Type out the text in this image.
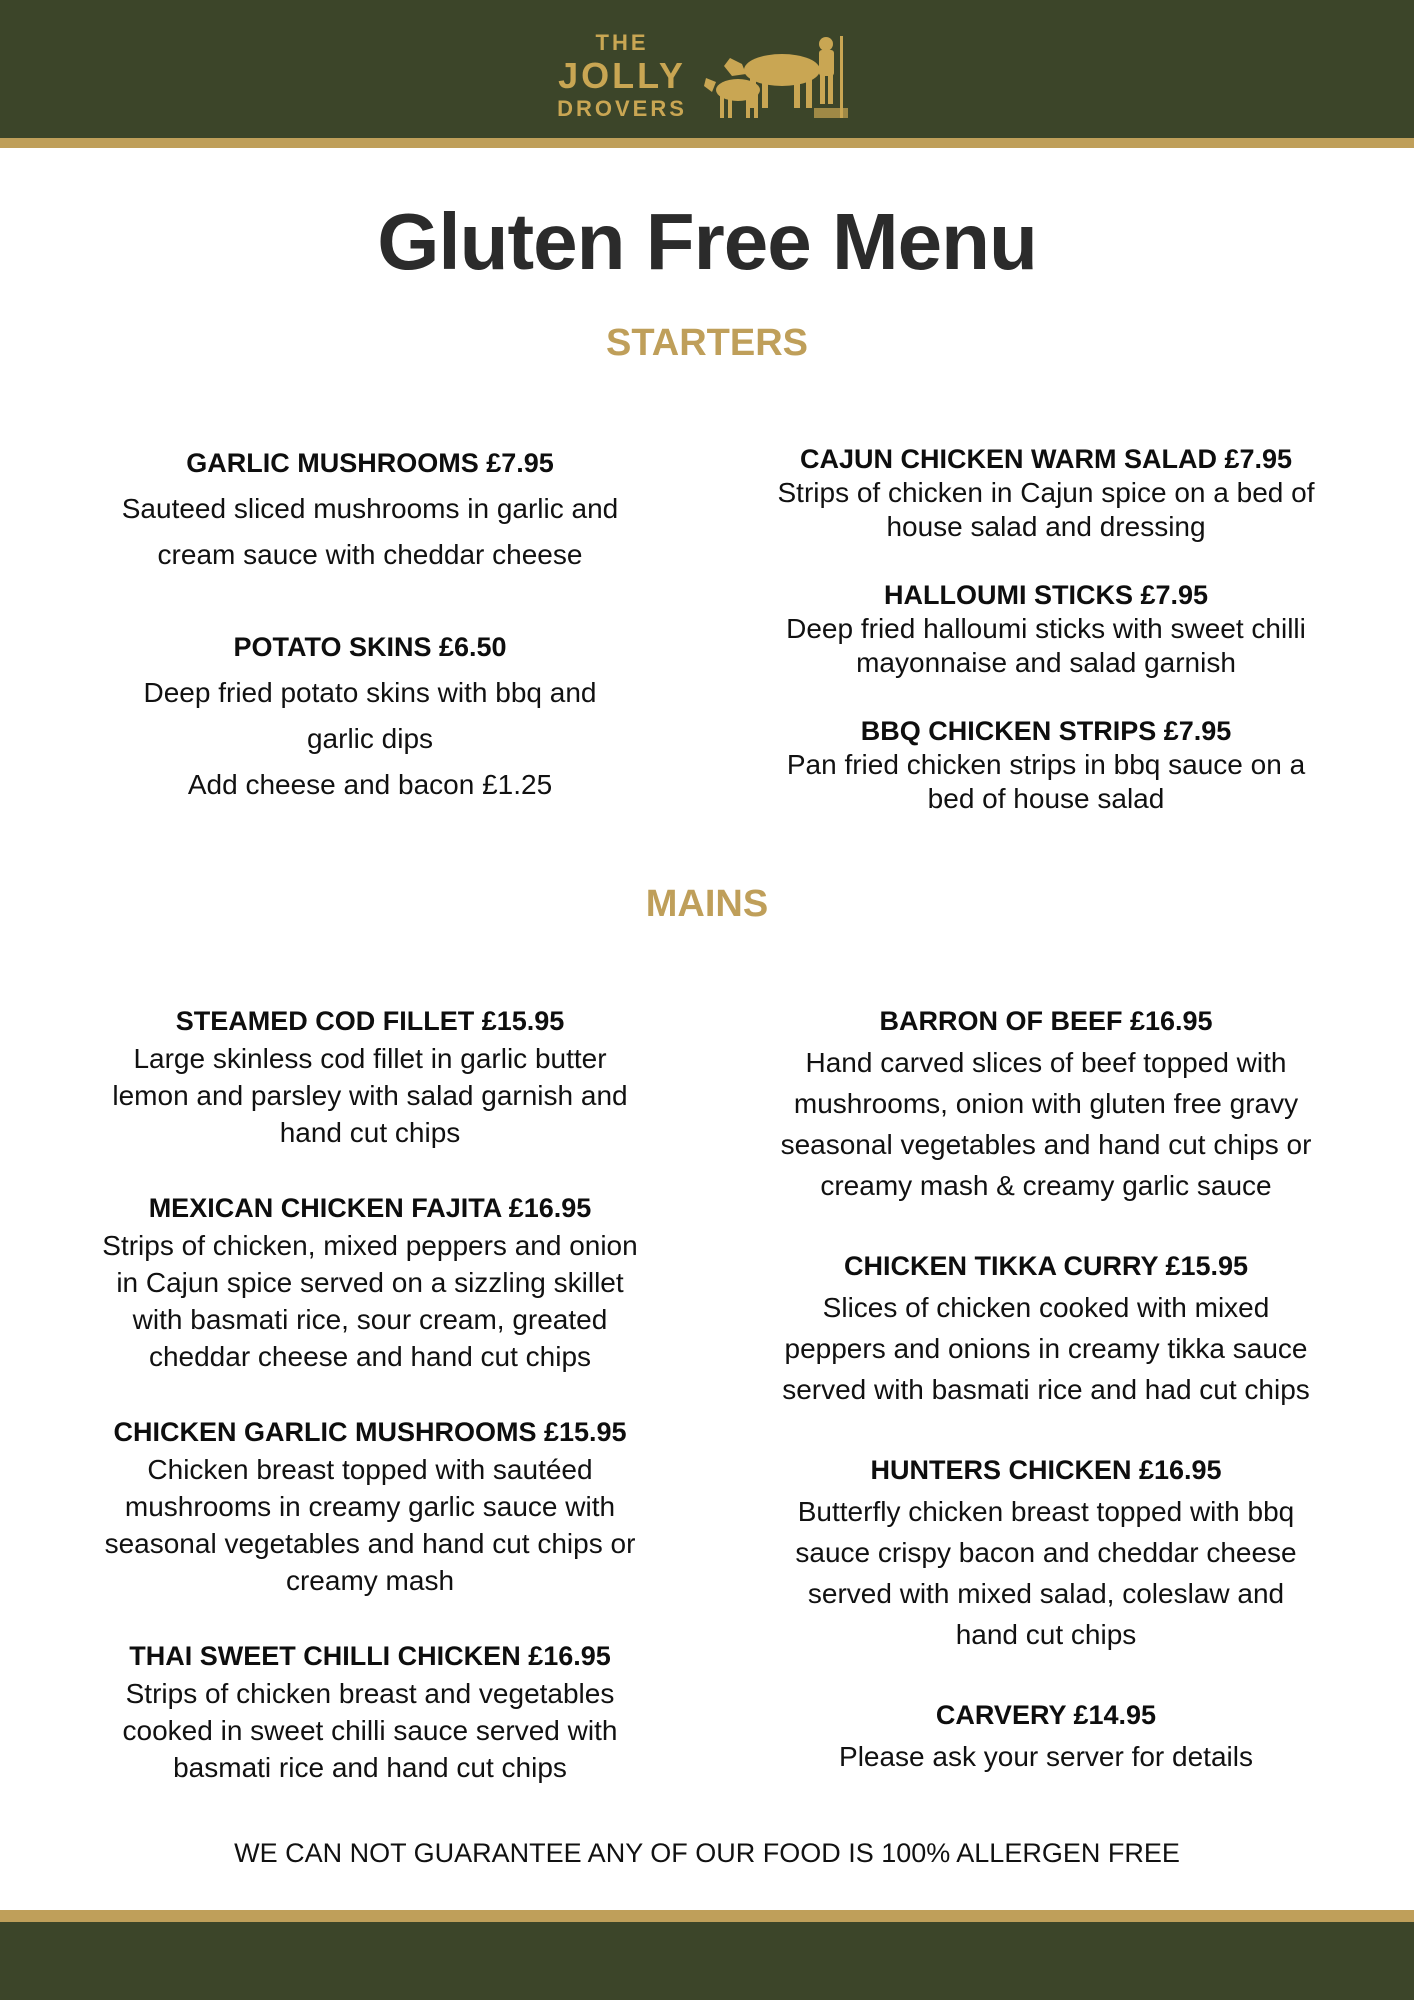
THE
JOLLY
DROVERS
Gluten Free Menu
STARTERS
GARLIC MUSHROOMS £7.95
Sauteed sliced mushrooms in garlic and
cream sauce with cheddar cheese
POTATO SKINS £6.50
Deep fried potato skins with bbq and
garlic dips
Add cheese and bacon £1.25
CAJUN CHICKEN WARM SALAD £7.95
Strips of chicken in Cajun spice on a bed of
house salad and dressing
HALLOUMI STICKS £7.95
Deep fried halloumi sticks with sweet chilli
mayonnaise and salad garnish
BBQ CHICKEN STRIPS £7.95
Pan fried chicken strips in bbq sauce on a
bed of house salad
MAINS
STEAMED COD FILLET £15.95
Large skinless cod fillet in garlic butter
lemon and parsley with salad garnish and
hand cut chips
MEXICAN CHICKEN FAJITA £16.95
Strips of chicken, mixed peppers and onion
in Cajun spice served on a sizzling skillet
with basmati rice, sour cream, greated
cheddar cheese and hand cut chips
CHICKEN GARLIC MUSHROOMS £15.95
Chicken breast topped with sautéed
mushrooms in creamy garlic sauce with
seasonal vegetables and hand cut chips or
creamy mash
THAI SWEET CHILLI CHICKEN £16.95
Strips of chicken breast and vegetables
cooked in sweet chilli sauce served with
basmati rice and hand cut chips
BARRON OF BEEF £16.95
Hand carved slices of beef topped with
mushrooms, onion with gluten free gravy
seasonal vegetables and hand cut chips or
creamy mash & creamy garlic sauce
CHICKEN TIKKA CURRY £15.95
Slices of chicken cooked with mixed
peppers and onions in creamy tikka sauce
served with basmati rice and had cut chips
HUNTERS CHICKEN £16.95
Butterfly chicken breast topped with bbq
sauce crispy bacon and cheddar cheese
served with mixed salad, coleslaw and
hand cut chips
CARVERY £14.95
Please ask your server for details
WE CAN NOT GUARANTEE ANY OF OUR FOOD IS 100% ALLERGEN FREE
